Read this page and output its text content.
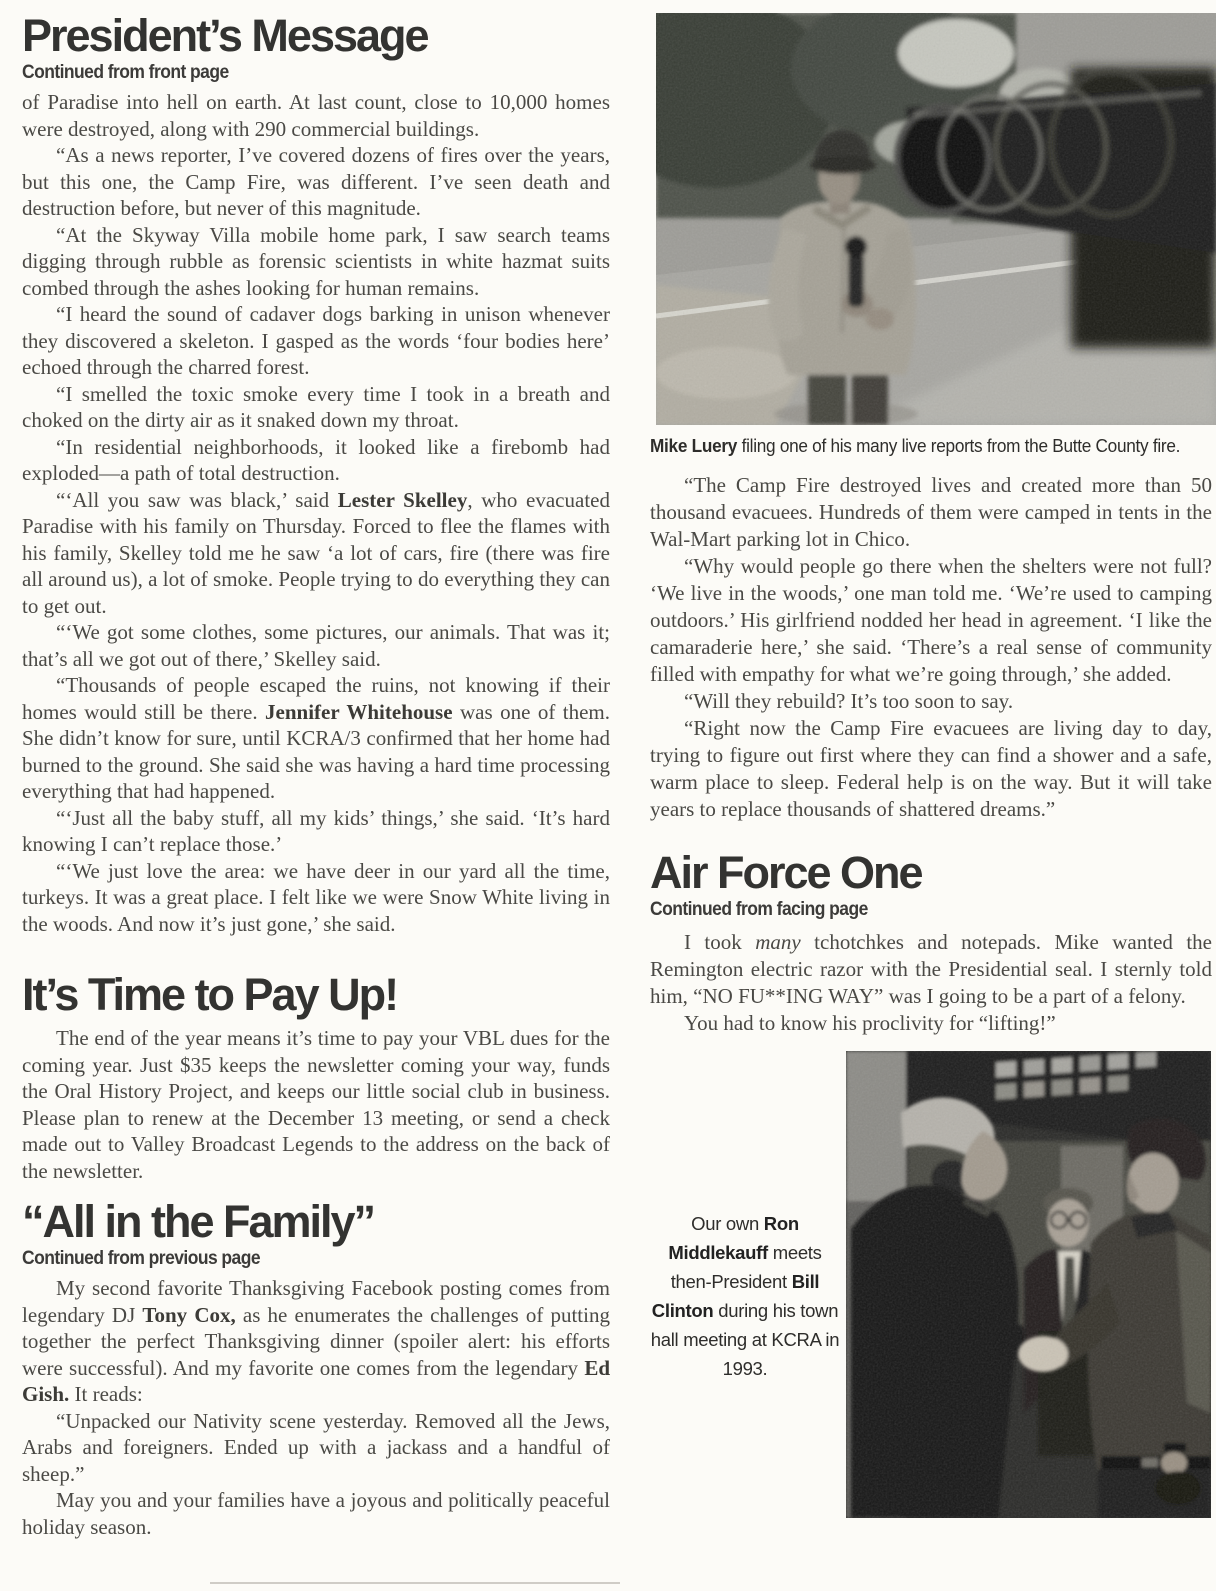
President’s Message
Continued from front page

of Paradise into hell on earth. At last count, close to 10,000 homes were destroyed, along with 290 commercial buildings.

“As a news reporter, I’ve covered dozens of fires over the years, but this one, the Camp Fire, was different. I’ve seen death and destruction before, but never of this magnitude.

“At the Skyway Villa mobile home park, I saw search teams digging through rubble as forensic scientists in white hazmat suits combed through the ashes looking for human remains.

“I heard the sound of cadaver dogs barking in unison whenever they discovered a skeleton. I gasped as the words ‘four bodies here’ echoed through the charred forest.

“I smelled the toxic smoke every time I took in a breath and choked on the dirty air as it snaked down my throat.

“In residential neighborhoods, it looked like a firebomb had exploded—a path of total destruction.

“‘All you saw was black,’ said Lester Skelley, who evacuated Paradise with his family on Thursday. Forced to flee the flames with his family, Skelley told me he saw ‘a lot of cars, fire (there was fire all around us), a lot of smoke. People trying to do everything they can to get out.

“‘We got some clothes, some pictures, our animals. That was it; that’s all we got out of there,’ Skelley said.

“Thousands of people escaped the ruins, not knowing if their homes would still be there. Jennifer Whitehouse was one of them. She didn’t know for sure, until KCRA/3 confirmed that her home had burned to the ground. She said she was having a hard time processing everything that had happened.

“‘Just all the baby stuff, all my kids’ things,’ she said. ‘It’s hard knowing I can’t replace those.’

“‘We just love the area: we have deer in our yard all the time, turkeys. It was a great place. I felt like we were Snow White living in the woods. And now it’s just gone,’ she said.

It’s Time to Pay Up!

The end of the year means it’s time to pay your VBL dues for the coming year. Just $35 keeps the newsletter coming your way, funds the Oral History Project, and keeps our little social club in business. Please plan to renew at the December 13 meeting, or send a check made out to Valley Broadcast Legends to the address on the back of the newsletter.

“All in the Family”
Continued from previous page

My second favorite Thanksgiving Facebook posting comes from legendary DJ Tony Cox, as he enumerates the challenges of putting together the perfect Thanksgiving dinner (spoiler alert: his efforts were successful). And my favorite one comes from the legendary Ed Gish. It reads:

“Unpacked our Nativity scene yesterday. Removed all the Jews, Arabs and foreigners. Ended up with a jackass and a handful of sheep.”

May you and your families have a joyous and politically peaceful holiday season.

Mike Luery filing one of his many live reports from the Butte County fire.

“The Camp Fire destroyed lives and created more than 50 thousand evacuees. Hundreds of them were camped in tents in the Wal-Mart parking lot in Chico.

“Why would people go there when the shelters were not full? ‘We live in the woods,’ one man told me. ‘We’re used to camping outdoors.’ His girlfriend nodded her head in agreement. ‘I like the camaraderie here,’ she said. ‘There’s a real sense of community filled with empathy for what we’re going through,’ she added.

“Will they rebuild? It’s too soon to say.

“Right now the Camp Fire evacuees are living day to day, trying to figure out first where they can find a shower and a safe, warm place to sleep. Federal help is on the way. But it will take years to replace thousands of shattered dreams.”

Air Force One
Continued from facing page

I took many tchotchkes and notepads. Mike wanted the Remington electric razor with the Presidential seal. I sternly told him, “NO FU**ING WAY” was I going to be a part of a felony.

You had to know his proclivity for “lifting!”

Our own Ron Middlekauff meets then-President Bill Clinton during his town hall meeting at KCRA in 1993.
